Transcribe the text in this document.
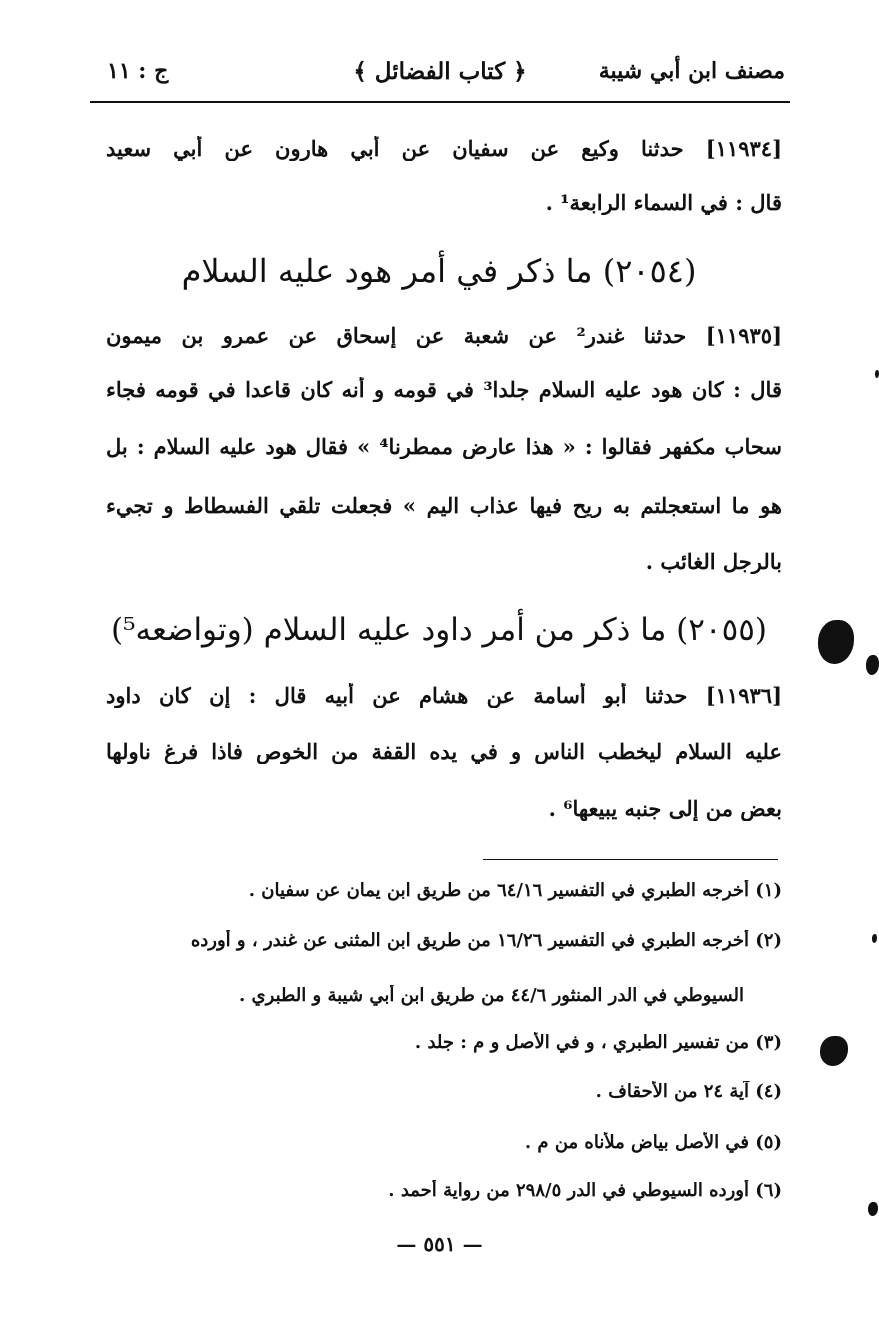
مصنف ابن أبي شيبة
﴿ كتاب الفضائل ﴾
ج : ١١
[١١٩٣٤] حدثنا وكيع عن سفيان عن أبي هارون عن أبي سعيد
قال : في السماء الرابعة¹ .
(٢٠٥٤) ما ذكر في أمر هود عليه السلام
[١١٩٣٥] حدثنا غندر² عن شعبة عن إسحاق عن عمرو بن ميمون
قال : كان هود عليه السلام جلدا³ في قومه و أنه كان قاعدا في قومه فجاء
سحاب مكفهر فقالوا : « هذا عارض ممطرنا⁴ » فقال هود عليه السلام : بل
هو ما استعجلتم به ريح فيها عذاب اليم » فجعلت تلقي الفسطاط و تجيء
بالرجل الغائب .
(٢٠٥٥) ما ذكر من أمر داود عليه السلام (وتواضعه⁵)
[١١٩٣٦] حدثنا أبو أسامة عن هشام عن أبيه قال : إن كان داود
عليه السلام ليخطب الناس و في يده القفة من الخوص فاذا فرغ ناولها
بعض من إلى جنبه يبيعها⁶ .
(١) أخرجه الطبري في التفسير ٦٤/١٦ من طريق ابن يمان عن سفيان .
(٢) أخرجه الطبري في التفسير ١٦/٢٦ من طريق ابن المثنى عن غندر ، و أورده
السيوطي في الدر المنثور ٤٤/٦ من طريق ابن أبي شيبة و الطبري .
(٣) من تفسير الطبري ، و في الأصل و م : جلد .
(٤) آية ٢٤ من الأحقاف .
(٥) في الأصل بياض ملأناه من م .
(٦) أورده السيوطي في الدر ٢٩٨/٥ من رواية أحمد .
— ٥٥١ —
